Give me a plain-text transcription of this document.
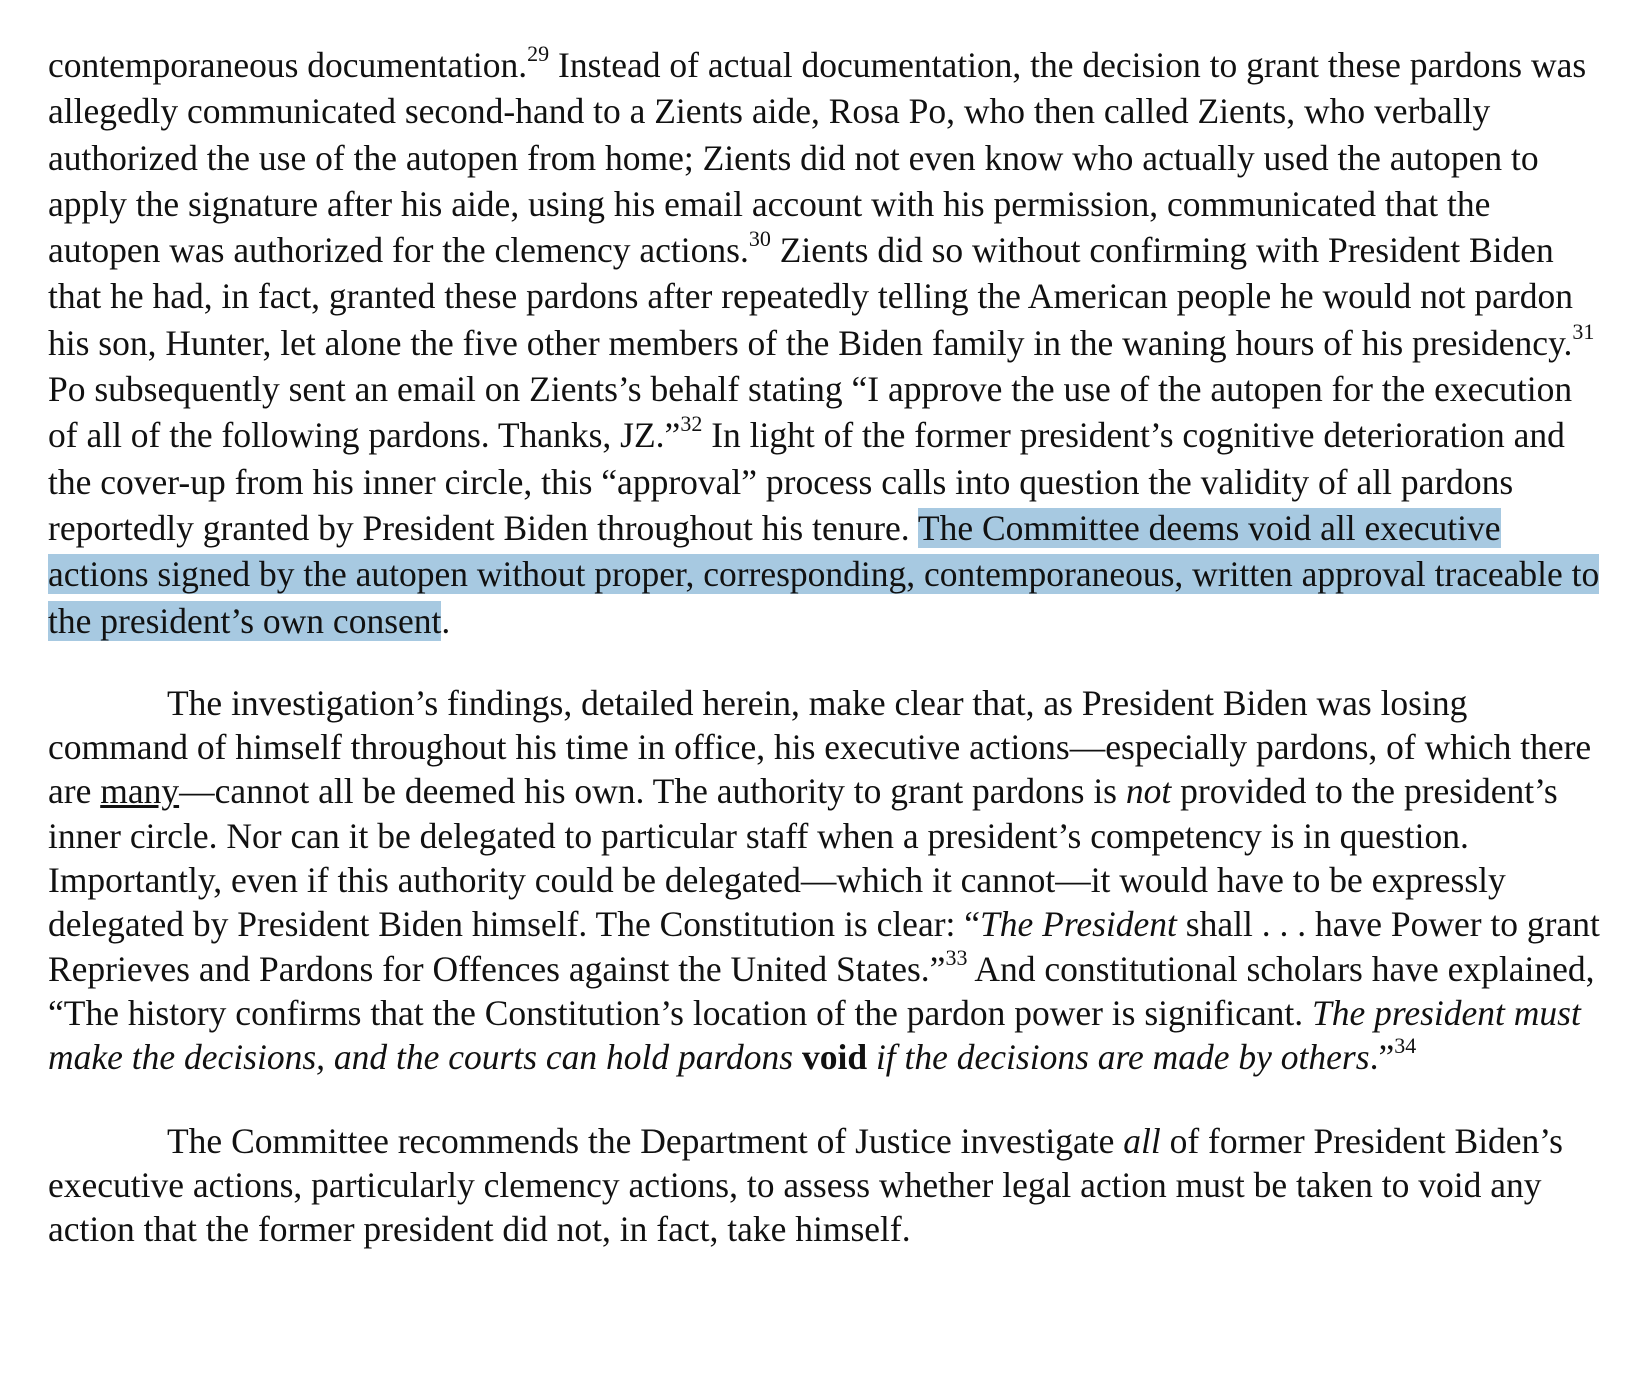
contemporaneous documentation.$^{29}$ Instead of actual documentation, the decision to grant these pardons was allegedly communicated second-hand to a Zients aide, Rosa Po, who then called Zients, who verbally authorized the use of the autopen from home; Zients did not even know who actually used the autopen to apply the signature after his aide, using his email account with his permission, communicated that the autopen was authorized for the clemency actions.$^{30}$ Zients did so without confirming with President Biden that he had, in fact, granted these pardons after repeatedly telling the American people he would not pardon his son, Hunter, let alone the five other members of the Biden family in the waning hours of his presidency.$^{31}$ Po subsequently sent an email on Zients’s behalf stating “I approve the use of the autopen for the execution of all of the following pardons. Thanks, JZ.”$^{32}$ In light of the former president’s cognitive deterioration and the cover-up from his inner circle, this “approval” process calls into question the validity of all pardons reportedly granted by President Biden throughout his tenure. The Committee deems void all executive actions signed by the autopen without proper, corresponding, contemporaneous, written approval traceable to the president’s own consent.

The investigation’s findings, detailed herein, make clear that, as President Biden was losing command of himself throughout his time in office, his executive actions—especially pardons, of which there are many—cannot all be deemed his own. The authority to grant pardons is not provided to the president’s inner circle. Nor can it be delegated to particular staff when a president’s competency is in question. Importantly, even if this authority could be delegated—which it cannot—it would have to be expressly delegated by President Biden himself. The Constitution is clear: “The President shall . . . have Power to grant Reprieves and Pardons for Offences against the United States.”$^{33}$ And constitutional scholars have explained, “The history confirms that the Constitution’s location of the pardon power is significant. The president must make the decisions, and the courts can hold pardons void if the decisions are made by others.”$^{34}$

The Committee recommends the Department of Justice investigate all of former President Biden’s executive actions, particularly clemency actions, to assess whether legal action must be taken to void any action that the former president did not, in fact, take himself.
